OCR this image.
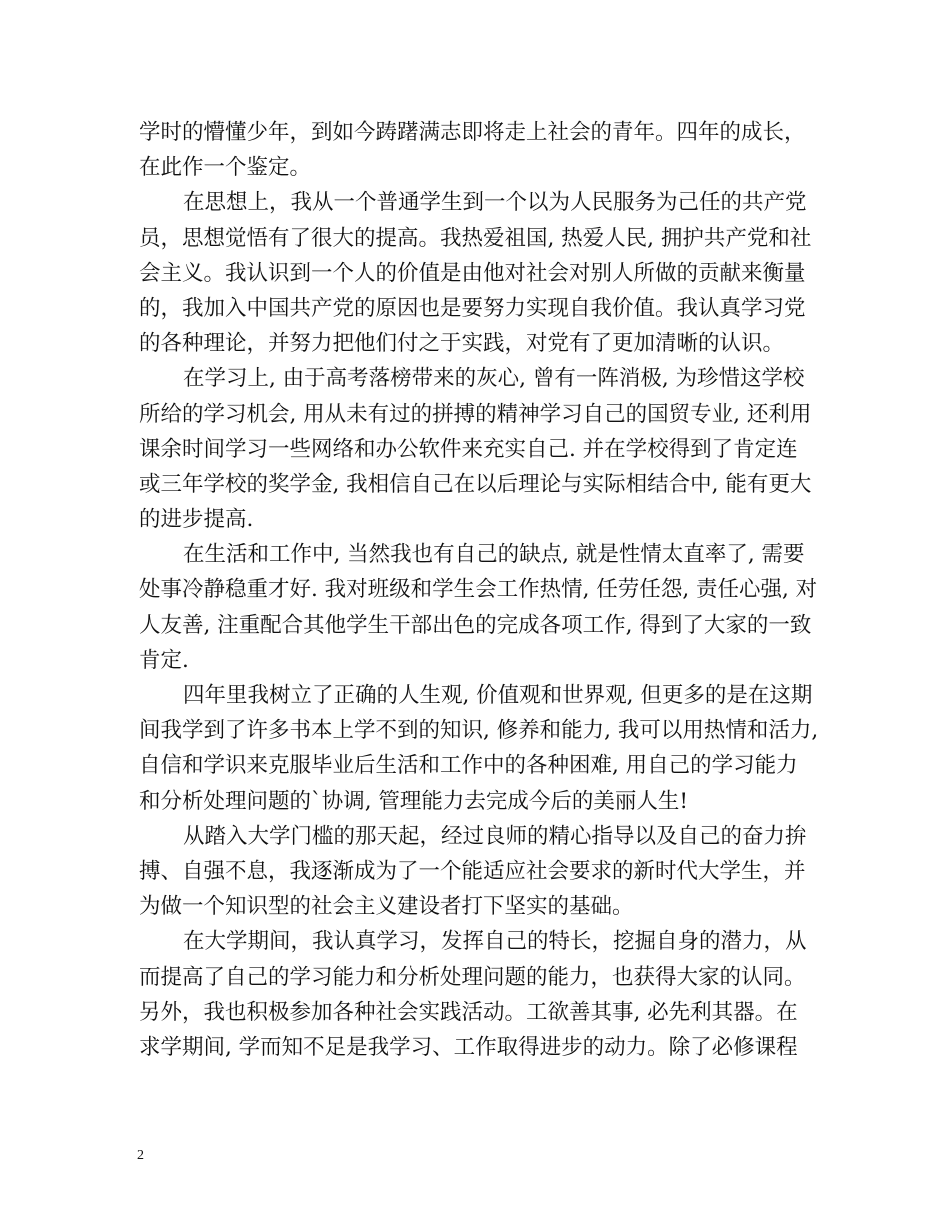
学时的懵懂少年，到如今踌躇满志即将走上社会的青年。四年的成长，
在此作一个鉴定。
在思想上，我从一个普通学生到一个以为人民服务为己任的共产党
员，思想觉悟有了很大的提高。我热爱祖国, 热爱人民, 拥护共产党和社
会主义。我认识到一个人的价值是由他对社会对别人所做的贡献来衡量
的，我加入中国共产党的原因也是要努力实现自我价值。我认真学习党
的各种理论，并努力把他们付之于实践，对党有了更加清晰的认识。
在学习上, 由于高考落榜带来的灰心, 曾有一阵消极, 为珍惜这学校
所给的学习机会, 用从未有过的拼搏的精神学习自己的国贸专业, 还利用
课余时间学习一些网络和办公软件来充实自己. 并在学校得到了肯定连
或三年学校的奖学金, 我相信自己在以后理论与实际相结合中, 能有更大
的进步提高.
在生活和工作中, 当然我也有自己的缺点, 就是性情太直率了, 需要
处事冷静稳重才好. 我对班级和学生会工作热情, 任劳任怨, 责任心强, 对
人友善, 注重配合其他学生干部出色的完成各项工作, 得到了大家的一致
肯定.
四年里我树立了正确的人生观, 价值观和世界观, 但更多的是在这期
间我学到了许多书本上学不到的知识, 修养和能力, 我可以用热情和活力,
自信和学识来克服毕业后生活和工作中的各种困难, 用自己的学习能力
和分析处理问题的`协调, 管理能力去完成今后的美丽人生!
从踏入大学门槛的那天起，经过良师的精心指导以及自己的奋力拚
搏、自强不息，我逐渐成为了一个能适应社会要求的新时代大学生，并
为做一个知识型的社会主义建设者打下坚实的基础。
在大学期间，我认真学习，发挥自己的特长，挖掘自身的潜力，从
而提高了自己的学习能力和分析处理问题的能力，也获得大家的认同。
另外，我也积极参加各种社会实践活动。工欲善其事, 必先利其器。在
求学期间, 学而知不足是我学习、工作取得进步的动力。除了必修课程
2
